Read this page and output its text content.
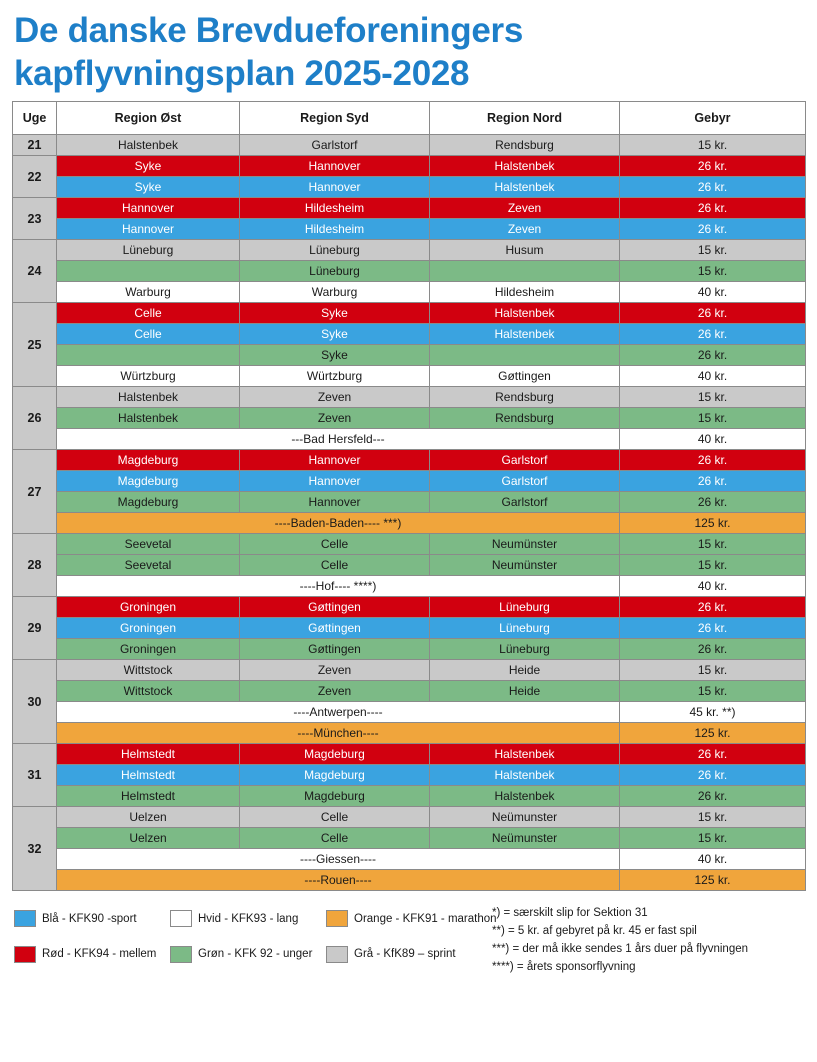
De danske Brevdueforeningers
kapflyvningsplan 2025-2028
Uge	Region Øst	Region Syd	Region Nord	Gebyr
21	Halstenbek	Garlstorf	Rendsburg	15 kr.
22	Syke	Hannover	Halstenbek	26 kr.
	Syke	Hannover	Halstenbek	26 kr.
23	Hannover	Hildesheim	Zeven	26 kr.
	Hannover	Hildesheim	Zeven	26 kr.
24	Lüneburg	Lüneburg	Husum	15 kr.
		Lüneburg		15 kr.
	Warburg	Warburg	Hildesheim	40 kr.
25	Celle	Syke	Halstenbek	26 kr.
	Celle	Syke	Halstenbek	26 kr.
		Syke		26 kr.
	Würtzburg	Würtzburg	Gøttingen	40 kr.
26	Halstenbek	Zeven	Rendsburg	15 kr.
	Halstenbek	Zeven	Rendsburg	15 kr.
	---Bad Hersfeld---			40 kr.
27	Magdeburg	Hannover	Garlstorf	26 kr.
	Magdeburg	Hannover	Garlstorf	26 kr.
	Magdeburg	Hannover	Garlstorf	26 kr.
	----Baden-Baden---- ***)			125 kr.
28	Seevetal	Celle	Neumünster	15 kr.
	Seevetal	Celle	Neumünster	15 kr.
	----Hof---- ****)			40 kr.
29	Groningen	Gøttingen	Lüneburg	26 kr.
	Groningen	Gøttingen	Lüneburg	26 kr.
	Groningen	Gøttingen	Lüneburg	26 kr.
30	Wittstock	Zeven	Heide	15 kr.
	Wittstock	Zeven	Heide	15 kr.
	----Antwerpen----			45 kr. **)
	----München----			125 kr.
31	Helmstedt	Magdeburg	Halstenbek	26 kr.
	Helmstedt	Magdeburg	Halstenbek	26 kr.
	Helmstedt	Magdeburg	Halstenbek	26 kr.
32	Uelzen	Celle	Neümunster	15 kr.
	Uelzen	Celle	Neümunster	15 kr.
	----Giessen----			40 kr.
	----Rouen----			125 kr.
Blå - KFK90 -sport	Hvid - KFK93 - lang	Orange - KFK91 - marathon
Rød - KFK94 - mellem	Grøn - KFK 92 - unger	Grå - KfK89 – sprint
*) = særskilt slip for Sektion 31
**) = 5 kr. af gebyret på kr. 45 er fast spil
***) = der må ikke sendes 1 års duer på flyvningen
****) = årets sponsorflyvning
